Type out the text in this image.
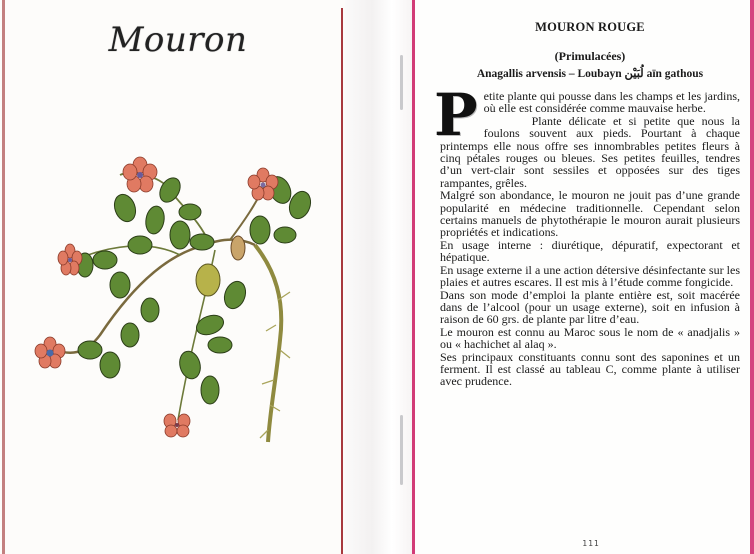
Mouron	MOURON ROUGE
(Primulacées)
Anagallis arvensis – Loubayn لُبَيْن aïn gathous

Petite plante qui pousse dans les champs et les jardins, où elle est considérée comme mauvaise herbe.

Plante délicate et si petite que nous la foulons souvent aux pieds. Pourtant à chaque printemps elle nous offre ses innombrables petites fleurs à cinq pétales rouges ou bleues. Ses petites feuilles, tendres d’un vert-clair sont sessiles et opposées sur des tiges rampantes, grêles.

Malgré son abondance, le mouron ne jouit pas d’une grande popularité en médecine traditionnelle. Cependant selon certains manuels de phytothérapie le mouron aurait plusieurs propriétés et indications.

En usage interne : diurétique, dépuratif, expectorant et hépatique.

En usage externe il a une action détersive désinfectante sur les plaies et autres escares. Il est mis à l’étude comme fongicide.

Dans son mode d’emploi la plante entière est, soit macérée dans de l’alcool (pour un usage externe), soit en infusion à raison de 60 grs. de plante par litre d’eau.

Le mouron est connu au Maroc sous le nom de « anadjalis » ou « hachichet al alaq ».

Ses principaux constituants connu sont des saponines et un ferment. Il est classé au tableau C, comme plante à utiliser avec prudence.

111
